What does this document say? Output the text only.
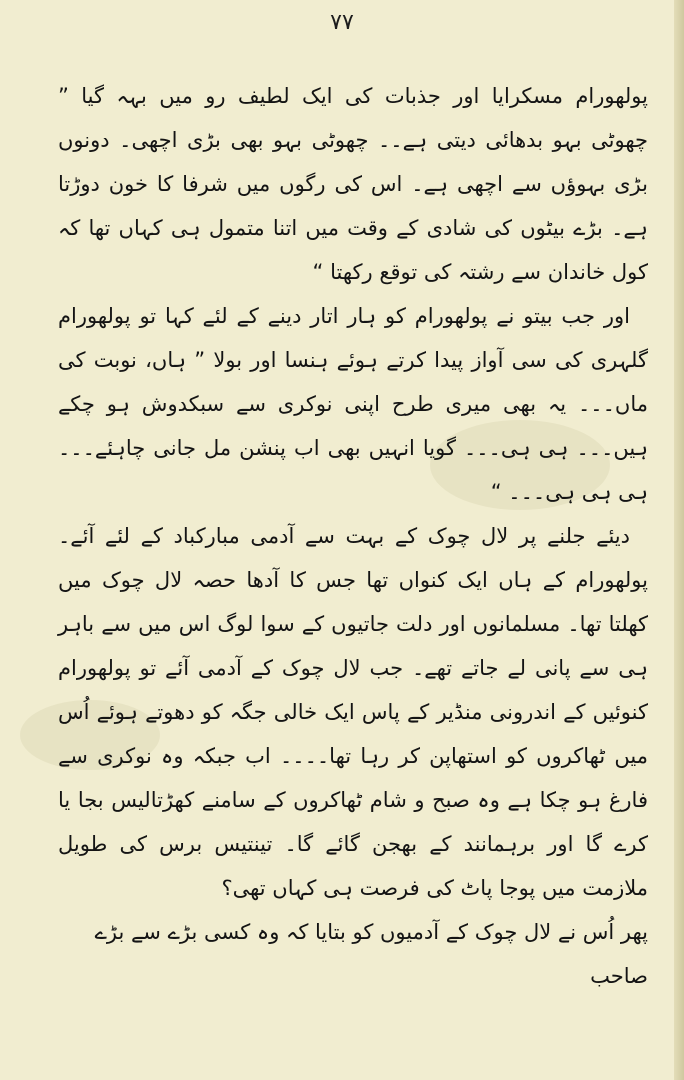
۷۷

پولھورام مسکرایا اور جذبات کی ایک لطیف رو میں بہہ گیا ” چھوٹی بہو بدھائی دیتی ہے۔۔ چھوٹی بہو بھی بڑی اچھی۔ دونوں بڑی بہوؤں سے اچھی ہے۔ اس کی رگوں میں شرفا کا خون دوڑتا ہے۔ بڑے بیٹوں کی شادی کے وقت میں اتنا متمول ہی کہاں تھا کہ کول خاندان سے رشتہ کی توقع رکھتا “

اور جب بیتو نے پولھورام کو ہار اتار دینے کے لئے کہا تو پولھورام گلہری کی سی آواز پیدا کرتے ہوئے ہنسا اور بولا ” ہاں، نوبت کی ماں۔۔۔ یہ بھی میری طرح اپنی نوکری سے سبکدوش ہو چکے ہیں۔۔۔ ہی ہی۔۔۔ گویا انہیں بھی اب پنشن مل جانی چاہئے۔۔۔ ہی ہی ہی۔۔۔ “

دیئے جلنے پر لال چوک کے بہت سے آدمی مبارکباد کے لئے آئے۔ پولھورام کے ہاں ایک کنواں تھا جس کا آدھا حصہ لال چوک میں کھلتا تھا۔ مسلمانوں اور دلت جاتیوں کے سوا لوگ اس میں سے باہر ہی سے پانی لے جاتے تھے۔ جب لال چوک کے آدمی آئے تو پولھورام کنوئیں کے اندرونی منڈیر کے پاس ایک خالی جگہ کو دھوتے ہوئے اُس میں ٹھاکروں کو استھاپن کر رہا تھا۔۔۔۔ اب جبکہ وہ نوکری سے فارغ ہو چکا ہے وہ صبح و شام ٹھاکروں کے سامنے کھڑتالیس بجا یا کرے گا اور برہمانند کے بھجن گائے گا۔ تینتیس برس کی طویل ملازمت میں پوجا پاٹ کی فرصت ہی کہاں تھی؟

پھر اُس نے لال چوک کے آدمیوں کو بتایا کہ وہ کسی بڑے سے بڑے صاحب
